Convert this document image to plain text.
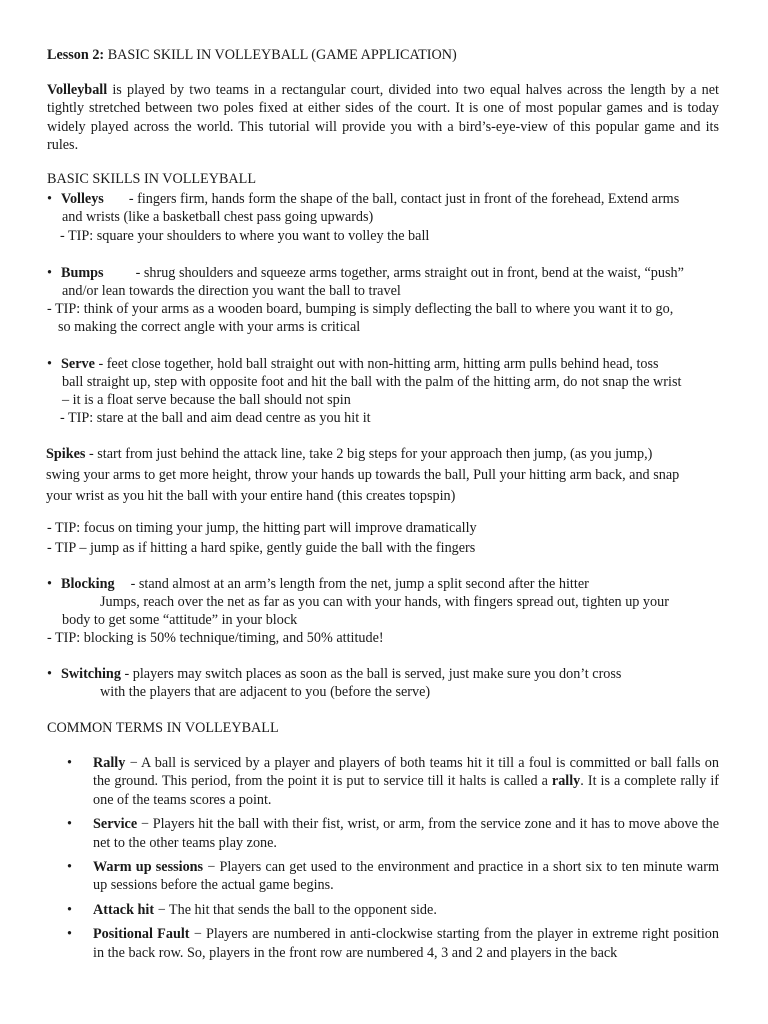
Lesson 2: BASIC SKILL IN VOLLEYBALL (GAME APPLICATION)
Volleyball is played by two teams in a rectangular court, divided into two equal halves across the length by a net tightly stretched between two poles fixed at either sides of the court. It is one of most popular games and is today widely played across the world. This tutorial will provide you with a bird’s-eye-view of this popular game and its rules.
BASIC SKILLS IN VOLLEYBALL
• Volleys - fingers firm, hands form the shape of the ball, contact just in front of the forehead, Extend arms
and wrists (like a basketball chest pass going upwards)
- TIP: square your shoulders to where you want to volley the ball
• Bumps - shrug shoulders and squeeze arms together, arms straight out in front, bend at the waist, “push”
and/or lean towards the direction you want the ball to travel
- TIP: think of your arms as a wooden board, bumping is simply deflecting the ball to where you want it to go,
so making the correct angle with your arms is critical
• Serve - feet close together, hold ball straight out with non-hitting arm, hitting arm pulls behind head, toss
ball straight up, step with opposite foot and hit the ball with the palm of the hitting arm, do not snap the wrist
– it is a float serve because the ball should not spin
- TIP: stare at the ball and aim dead centre as you hit it
Spikes - start from just behind the attack line, take 2 big steps for your approach then jump, (as you jump,)
swing your arms to get more height, throw your hands up towards the ball, Pull your hitting arm back, and snap
your wrist as you hit the ball with your entire hand (this creates topspin)
- TIP: focus on timing your jump, the hitting part will improve dramatically
- TIP – jump as if hitting a hard spike, gently guide the ball with the fingers
• Blocking - stand almost at an arm’s length from the net, jump a split second after the hitter
Jumps, reach over the net as far as you can with your hands, with fingers spread out, tighten up your
body to get some “attitude” in your block
- TIP: blocking is 50% technique/timing, and 50% attitude!
• Switching - players may switch places as soon as the ball is served, just make sure you don’t cross
with the players that are adjacent to you (before the serve)
COMMON TERMS IN VOLLEYBALL
• Rally − A ball is serviced by a player and players of both teams hit it till a foul is committed or ball falls on the ground. This period, from the point it is put to service till it halts is called a rally. It is a complete rally if one of the teams scores a point.
• Service − Players hit the ball with their fist, wrist, or arm, from the service zone and it has to move above the net to the other teams play zone.
• Warm up sessions − Players can get used to the environment and practice in a short six to ten minute warm up sessions before the actual game begins.
• Attack hit − The hit that sends the ball to the opponent side.
• Positional Fault − Players are numbered in anti-clockwise starting from the player in extreme right position in the back row. So, players in the front row are numbered 4, 3 and 2 and players in the back
